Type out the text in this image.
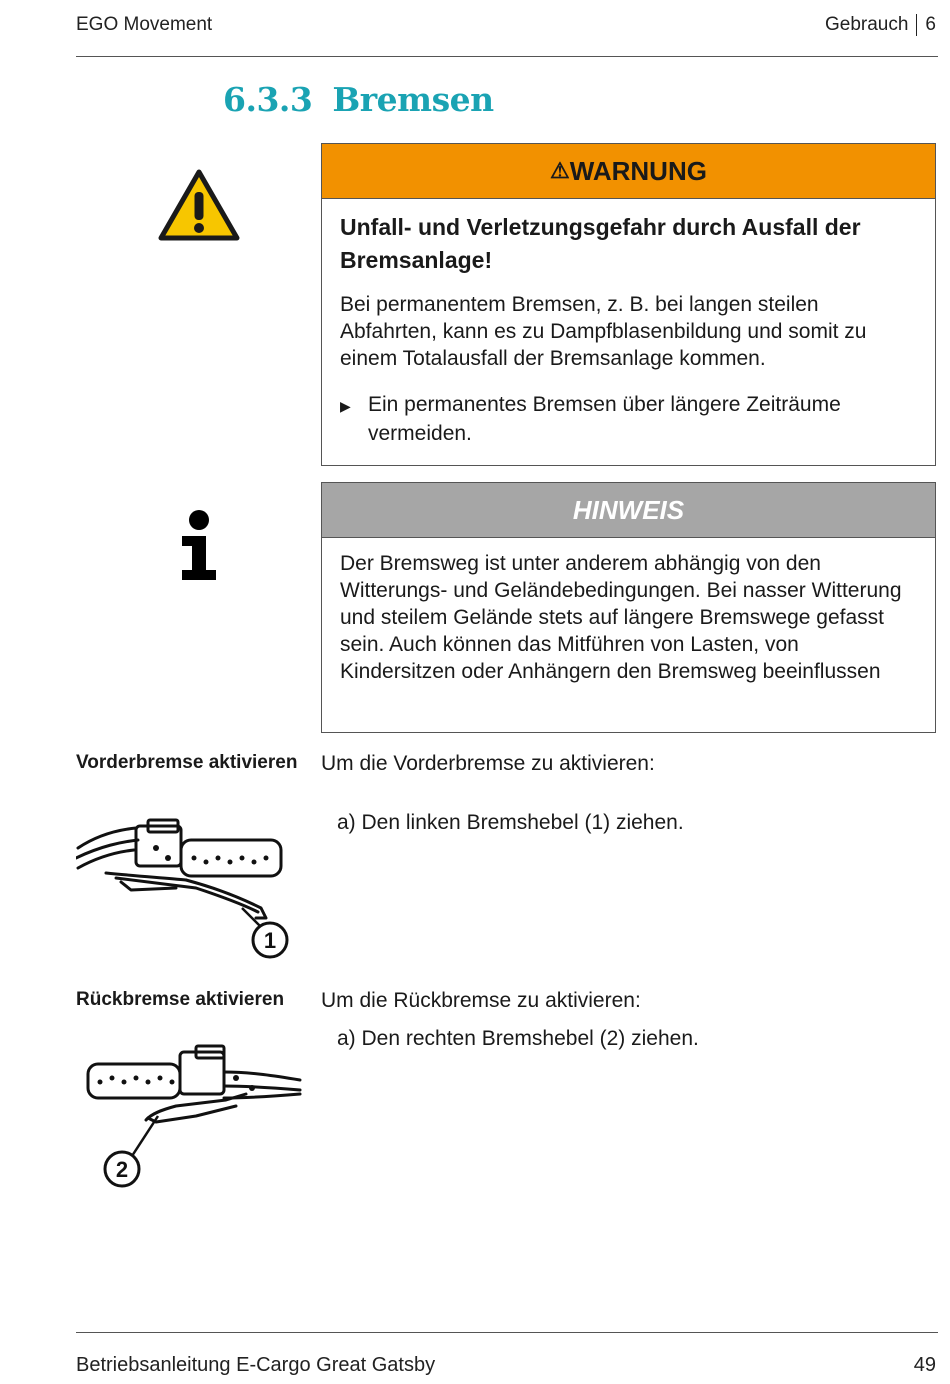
EGO Movement	Gebrauch 6
6.3.3 Bremsen
⚠ WARNUNG

Unfall- und Verletzungsgefahr durch Ausfall der Bremsanlage!

Bei permanentem Bremsen, z. B. bei langen steilen Abfahrten, kann es zu Dampfblasenbildung und somit zu einem Totalausfall der Bremsanlage kommen.

▶ Ein permanentes Bremsen über längere Zeiträume vermeiden.
HINWEIS

Der Bremsweg ist unter anderem abhängig von den Witterungs- und Geländebedingungen. Bei nasser Witterung und steilem Gelände stets auf längere Bremswege gefasst sein. Auch können das Mitführen von Lasten, von Kindersitzen oder Anhängern den Bremsweg beeinflussen

Vorderbremse aktivieren	Um die Vorderbremse zu aktivieren:
a) Den linken Bremshebel (1) ziehen.
1
Rückbremse aktivieren	Um die Rückbremse zu aktivieren:
a) Den rechten Bremshebel (2) ziehen.
2
Betriebsanleitung E-Cargo Great Gatsby	49
